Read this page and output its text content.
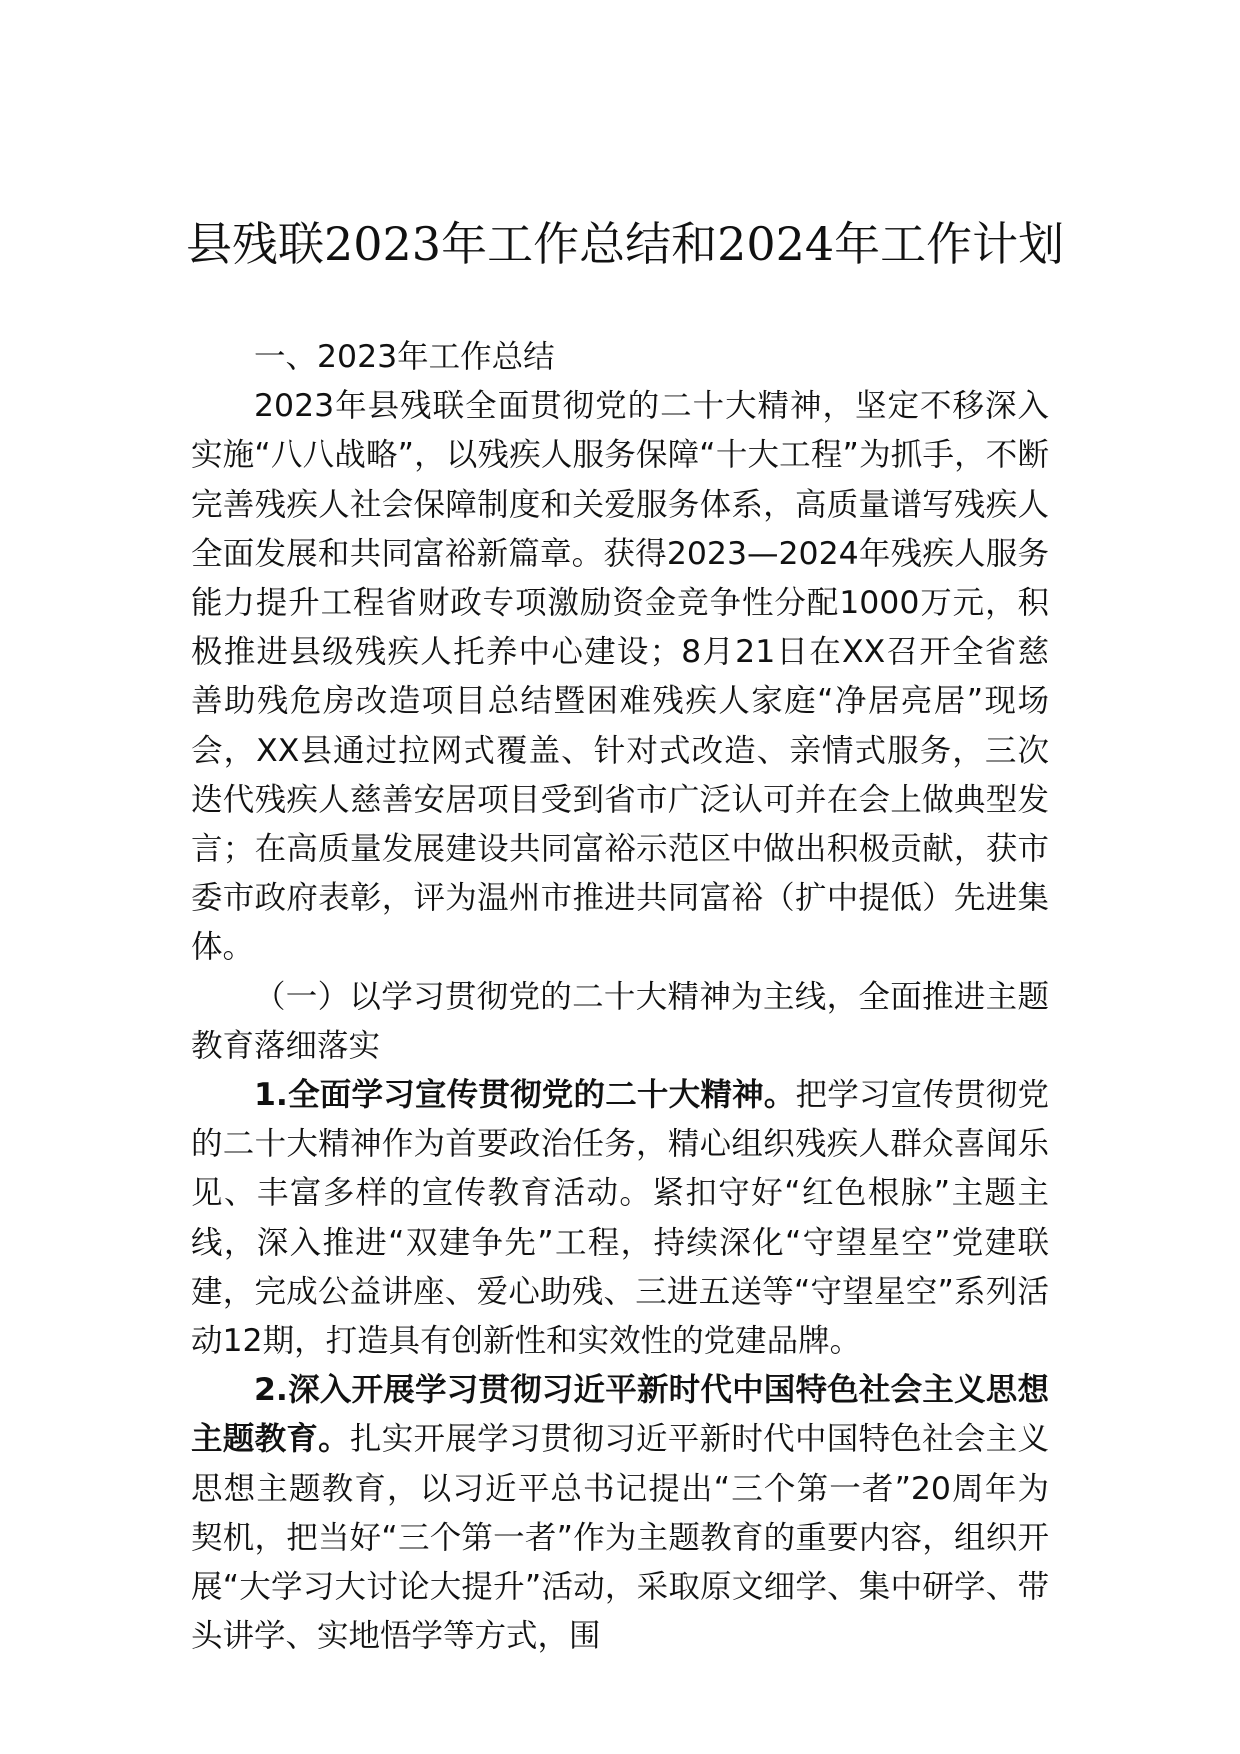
县残联2023年工作总结和2024年工作计划

一、2023年工作总结

2023年县残联全面贯彻党的二十大精神，坚定不移深入实施“八八战略”，以残疾人服务保障“十大工程”为抓手，不断完善残疾人社会保障制度和关爱服务体系，高质量谱写残疾人全面发展和共同富裕新篇章。获得2023—2024年残疾人服务能力提升工程省财政专项激励资金竞争性分配1000万元，积极推进县级残疾人托养中心建设；8月21日在XX召开全省慈善助残危房改造项目总结暨困难残疾人家庭“净居亮居”现场会，XX县通过拉网式覆盖、针对式改造、亲情式服务，三次迭代残疾人慈善安居项目受到省市广泛认可并在会上做典型发言；在高质量发展建设共同富裕示范区中做出积极贡献，获市委市政府表彰，评为温州市推进共同富裕（扩中提低）先进集体。

（一）以学习贯彻党的二十大精神为主线，全面推进主题教育落细落实

1.全面学习宣传贯彻党的二十大精神。把学习宣传贯彻党的二十大精神作为首要政治任务，精心组织残疾人群众喜闻乐见、丰富多样的宣传教育活动。紧扣守好“红色根脉”主题主线，深入推进“双建争先”工程，持续深化“守望星空”党建联建，完成公益讲座、爱心助残、三进五送等“守望星空”系列活动12期，打造具有创新性和实效性的党建品牌。

2.深入开展学习贯彻习近平新时代中国特色社会主义思想主题教育。扎实开展学习贯彻习近平新时代中国特色社会主义思想主题教育，以习近平总书记提出“三个第一者”20周年为契机，把当好“三个第一者”作为主题教育的重要内容，组织开展“大学习大讨论大提升”活动，采取原文细学、集中研学、带头讲学、实地悟学等方式，围
